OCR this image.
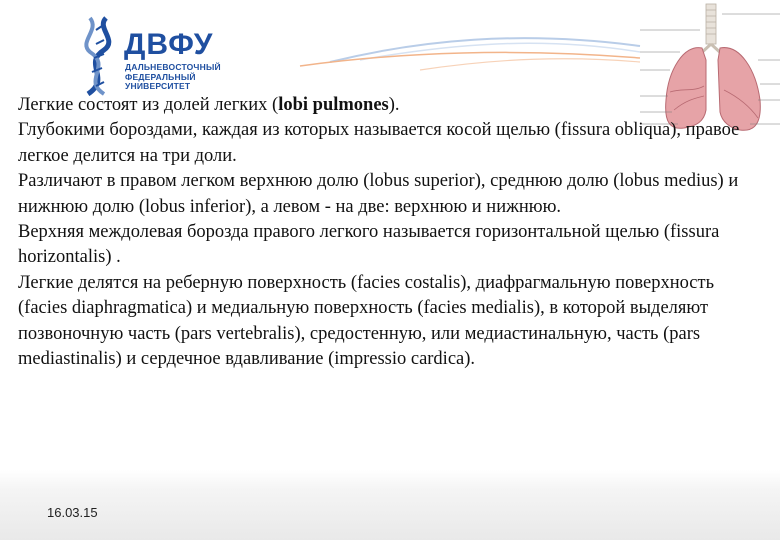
ДВФУ
ДАЛЬНЕВОСТОЧНЫЙ
ФЕДЕРАЛЬНЫЙ
УНИВЕРСИТЕТ

Легкие состоят из долей легких (lobi pulmones).

Глубокими бороздами, каждая из которых называется косой щелью (fissura obliqua), правое легкое делится на три доли.

Различают в правом легком верхнюю долю (lobus superior), среднюю долю (lobus medius) и нижнюю долю (lobus inferior), а левом - на две: верхнюю и нижнюю.

Верхняя междолевая борозда правого легкого называется горизонтальной щелью (fissura horizontalis) .

Легкие делятся на реберную поверхность (facies costalis), диафрагмальную поверхность (facies diaphragmatica) и медиальную поверхность (facies medialis), в которой выделяют позвоночную часть (pars vertebralis), средостенную, или медиастинальную, часть (pars mediastinalis) и сердечное вдавливание (impressio cardica).

16.03.15
